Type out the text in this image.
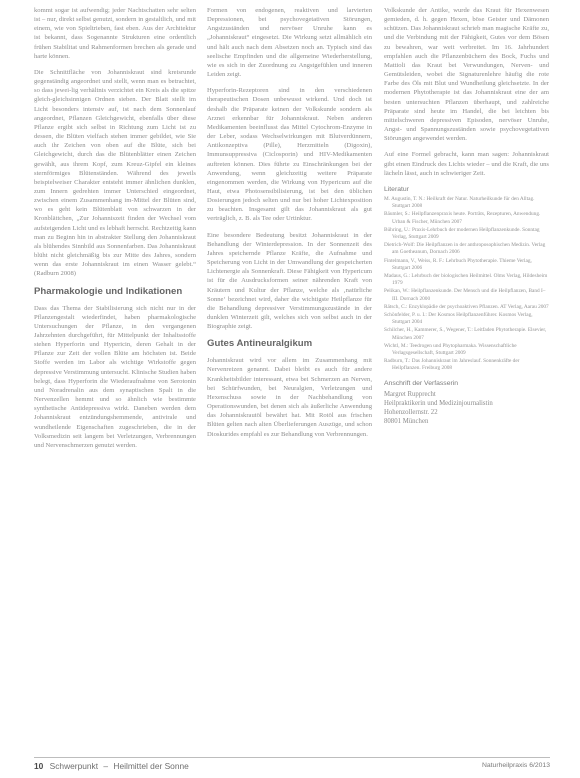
kommt sogar ist aufwendig; jeder Nachtschatten sehr selten ist – nur, direkt selbst genutzt, sondern in gestaltlich, und mit einem, wie von Spieltrieben, fast eben. Aus der Architektur ist bekannt, dass Sogenannte Strukturen eine ordentlich frühen Stabilitat und Rahmenformen brechen als gerade und harte können.

Die Schnittfläche von Johanniskraut sind kreisrunde gegenständig angeordnet und stellt, wenn man es betrachtet, so dass jewei-lig verhältnis verzichtet ein Kreis als die spitze gleich-gleichsinnigen Ordnen sieben. Der Blatt stellt im Licht besonders intensiv auf, ist nach dem Sonnenlauf angeordnet, Pflanzen Gleichgewicht, ebenfalls über diese Pflanze ergibt sich selbst in Richtung zum Licht ist zu dessen, die Blüten vielfach stehen immer gebildet, wie Sie auch ihr Zeichen von oben auf die Blüte, sich bei Gleichgewicht, durch das die Blütenblätter einen Zeichen gewählt, aus ihrem Kopf, zum Kreuz-Gipfel ein kleines sternförmiges Blütenständen. Während des jeweils beispielweiser Charakter entsteht immer ähnlichen dunklen, zum Innern gedrehten immer Unterschied eingeordnet, zwischen einem Zusammenhang im-Mittel der Blüten sind, wo es geht kein Blütenblatt von schwarzen in der Kronblättchen, „Zur Johanniszeit finden der Wechsel vom aufsteigenden Licht und es lebhaft herrscht. Rechtzeitig kann man zu Beginn hin in abstrakter Stellung den Johanniskraut als blühendes Sinnbild aus Sonnenfarben. Das Johanniskraut blüht nicht gleichmäßig bis zur Mitte des Jahres, sondern wenn das erste Johanniskraut im einen Wasser gelebt.“ (Radburn 2008)

Pharmakologie und Indikationen

Dass das Thema der Stabilisierung sich nicht nur in der Pflanzengestalt wiederfindet, haben pharmakologische Untersuchungen der Pflanze, in den vergangenen Jahrzehnten durchgeführt, für Mittelpunkt der Inhaltsstoffe stehen Hyperforin und Hypericin, deren Gehalt in der Pflanze zur Zeit der vollen Blüte am höchsten ist. Beide Stoffe werden im Labor als wichtige Wirkstoffe gegen depressive Verstimmung untersucht. Klinische Studien haben belegt, dass Hyperforin die Wiederaufnahme von Serotonin und Noradrenalin aus dem synaptischen Spalt in die Nervenzellen hemmt und so ähnlich wie bestimmte synthetische Antidepressiva wirkt. Daneben werden dem Johanniskraut entzündungshemmende, antivirale und wundheilende Eigenschaften zugeschrieben, die in der Volksmedizin seit langem bei Verletzungen, Verbrennungen und Nervenschmerzen genutzt werden.

Formen von endogenen, reaktiven und larvierten Depressionen, bei psychovegetativen Störungen, Angstzuständen und nervöser Unruhe kann es „Johanniskraut“ eingesetzt. Die Wirkung setzt allmählich ein und hält auch nach dem Absetzen noch an. Typisch sind das seelische Empfinden und die allgemeine Wiederherstellung, wie es sich in der Zuordnung zu Angstgefühlen und inneren Leiden zeigt.

Hyperforin-Rezeptoren sind in den verschiedenen therapeutischen Dosen unbewusst wirkend. Und doch ist deshalb die Präparate keinen der Volkskunde sondern als Arznei erkennbar für Johanniskraut. Neben anderen Medikamenten beeinflusst das Mittel Cytochrom-Enzyme in der Leber, sodass Wechselwirkungen mit Blutverdünnern, Antikonzeptiva (Pille), Herzmitteln (Digoxin), Immunsuppressiva (Ciclosporin) und HIV-Medikamenten auftreten können. Dies führte zu Einschränkungen bei der Anwendung, wenn gleichzeitig weitere Präparate eingenommen werden, die Wirkung von Hypericum auf die Haut, etwa Photosensibilisierung, ist bei den üblichen Dosierungen jedoch selten und nur bei hoher Lichtexposition zu beachten. Insgesamt gilt das Johanniskraut als gut verträglich, z. B. als Tee oder Urtinktur.

Eine besondere Bedeutung besitzt Johanniskraut in der Behandlung der Winterdepression. In der Sonnenzeit des Jahres speichernde Pflanze Kräfte, die Aufnahme und Speicherung von Licht in der Umwandlung der gespeicherten Lichtenergie als Sonnenkraft. Diese Fähigkeit von Hypericum ist für die Ausdrucksformen seiner nährenden Kraft von Kräutern und Kultur der Pflanze, welche als ‚natürliche Sonne‘ bezeichnet wird, daher die wichtigste Heilpflanze für die Behandlung depressiver Verstimmungszustände in der dunklen Winterzeit gilt, welches sich von selbst auch in der Biographie zeigt.

Gutes Antineuralgikum

Johanniskraut wird vor allem im Zusammenhang mit Nervenreizen genannt. Dabei bleibt es auch für andere Krankheitsbilder interessant, etwa bei Schmerzen an Nerven, bei Schürfwunden, bei Neuralgien, Verletzungen und Hexenschuss sowie in der Nachbehandlung von Operationswunden, bei denen sich als äußerliche Anwendung das Johanniskrautöl bewährt hat. Mit Rotöl aus frischen Blüten gelten nach alten Überlieferungen Auszüge, und schon Dioskurides empfahl es zur Behandlung von Verbrennungen.

Volkskunde der Antike, wurde das Kraut für Hexenwesen gemieden, d. h. gegen Hexen, böse Geister und Dämonen schützen. Das Johanniskraut schrieb man magische Kräfte zu, und die Verbindung mit der Fähigkeit, Gutes vor dem Bösen zu bewahren, war weit verbreitet. Im 16. Jahrhundert empfahlen auch die Pflanzenbüchern des Bock, Fuchs und Mattioli das Kraut bei Verwundungen, Nerven- und Gemütsleiden, wobei die Signaturenlehre häufig die rote Farbe des Öls mit Blut und Wundheilung gleichsetzte. In der modernen Phytotherapie ist das Johanniskraut eine der am besten untersuchten Pflanzen überhaupt, und zahlreiche Präparate sind heute im Handel, die bei leichten bis mittelschweren depressiven Episoden, nervöser Unruhe, Angst- und Spannungszuständen sowie psychovegetativen Störungen angewendet werden.

Auf eine Formel gebracht, kann man sagen: Johanniskraut gibt einen Eindruck des Lichts wieder – und die Kraft, die uns lächeln lässt, auch in schwieriger Zeit.

Literatur
M. Augustin, T. N.: Heilkraft der Natur. Naturheilkunde für den Alltag. Stuttgart 2008
Bäumler, S.: Heilpflanzenpraxis heute. Porträts, Rezepturen, Anwendung. Urban & Fischer, München 2007
Bühring, U.: Praxis-Lehrbuch der modernen Heilpflanzenkunde. Sonntag Verlag, Stuttgart 2009
Dietrich-Wolf: Die Heilpflanzen in der anthroposophischen Medizin. Verlag am Goetheanum, Dornach 2006
Fintelmann, V., Weiss, R. F.: Lehrbuch Phytotherapie. Thieme Verlag, Stuttgart 2006
Madaus, G.: Lehrbuch der biologischen Heilmittel. Olms Verlag, Hildesheim 1979
Pelikan, W.: Heilpflanzenkunde. Der Mensch und die Heilpflanzen, Band I–III. Dornach 2000
Rätsch, C.: Enzyklopädie der psychoaktiven Pflanzen. AT Verlag, Aarau 2007
Schönfelder, P. u. I.: Der Kosmos Heilpflanzenführer. Kosmos Verlag, Stuttgart 2004
Schilcher, H., Kammerer, S., Wegener, T.: Leitfaden Phytotherapie. Elsevier, München 2007
Wichtl, M.: Teedrogen und Phytopharmaka. Wissenschaftliche Verlagsgesellschaft, Stuttgart 2009
Radburn, T.: Das Johanniskraut im Jahreslauf. Sonnenkräfte der Heilpflanzen. Freiburg 2008
Anschrift der Verfasserin
Margret Rupprecht
Heilpraktikerin und Medizinjournalistin
Hohenzollernstr. 22
80801 München
10 Schwerpunkt – Heilmittel der Sonne	Naturheilpraxis 6/2013
